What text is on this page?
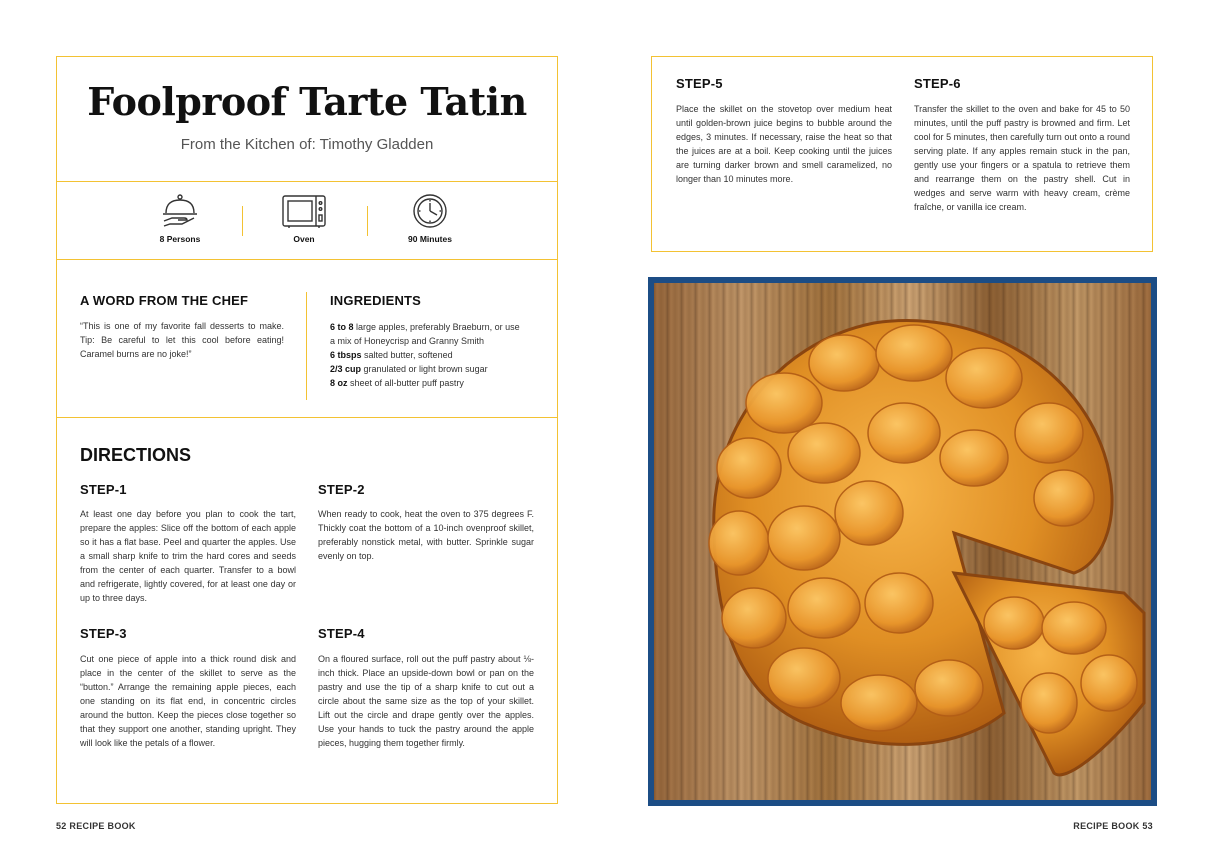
Foolproof Tarte Tatin
From the Kitchen of: Timothy Gladden
8 Persons	Oven	90 Minutes
A WORD FROM THE CHEF

“This is one of my favorite fall desserts to make. Tip: Be careful to let this cool before eating! Caramel burns are no joke!”

INGREDIENTS
6 to 8 large apples, preferably Braeburn, or use a mix of Honeycrisp and Granny Smith
6 tbsps salted butter, softened
2/3 cup granulated or light brown sugar
8 oz sheet of all-butter puff pastry
DIRECTIONS
STEP-1

At least one day before you plan to cook the tart, prepare the apples: Slice off the bottom of each apple so it has a flat base. Peel and quarter the apples. Use a small sharp knife to trim the hard cores and seeds from the center of each quarter. Transfer to a bowl and refrigerate, lightly covered, for at least one day or up to three days.

STEP-2

When ready to cook, heat the oven to 375 degrees F. Thickly coat the bottom of a 10-inch ovenproof skillet, preferably nonstick metal, with butter. Sprinkle sugar evenly on top.

STEP-3

Cut one piece of apple into a thick round disk and place in the center of the skillet to serve as the “button.” Arrange the remaining apple pieces, each one standing on its flat end, in concentric circles around the button. Keep the pieces close together so that they support one another, standing upright. They will look like the petals of a flower.

STEP-4

On a floured surface, roll out the puff pastry about ⅛-inch thick. Place an upside-down bowl or pan on the pastry and use the tip of a sharp knife to cut out a circle about the same size as the top of your skillet. Lift out the circle and drape gently over the apples. Use your hands to tuck the pastry around the apple pieces, hugging them together firmly.

STEP-5

Place the skillet on the stovetop over medium heat until golden-brown juice begins to bubble around the edges, 3 minutes. If necessary, raise the heat so that the juices are at a boil. Keep cooking until the juices are turning darker brown and smell caramelized, no longer than 10 minutes more.

STEP-6

Transfer the skillet to the oven and bake for 45 to 50 minutes, until the puff pastry is browned and firm. Let cool for 5 minutes, then carefully turn out onto a round serving plate. If any apples remain stuck in the pan, gently use your fingers or a spatula to retrieve them and rearrange them on the pastry shell. Cut in wedges and serve warm with heavy cream, crème fraîche, or vanilla ice cream.

52 RECIPE BOOK	RECIPE BOOK 53
